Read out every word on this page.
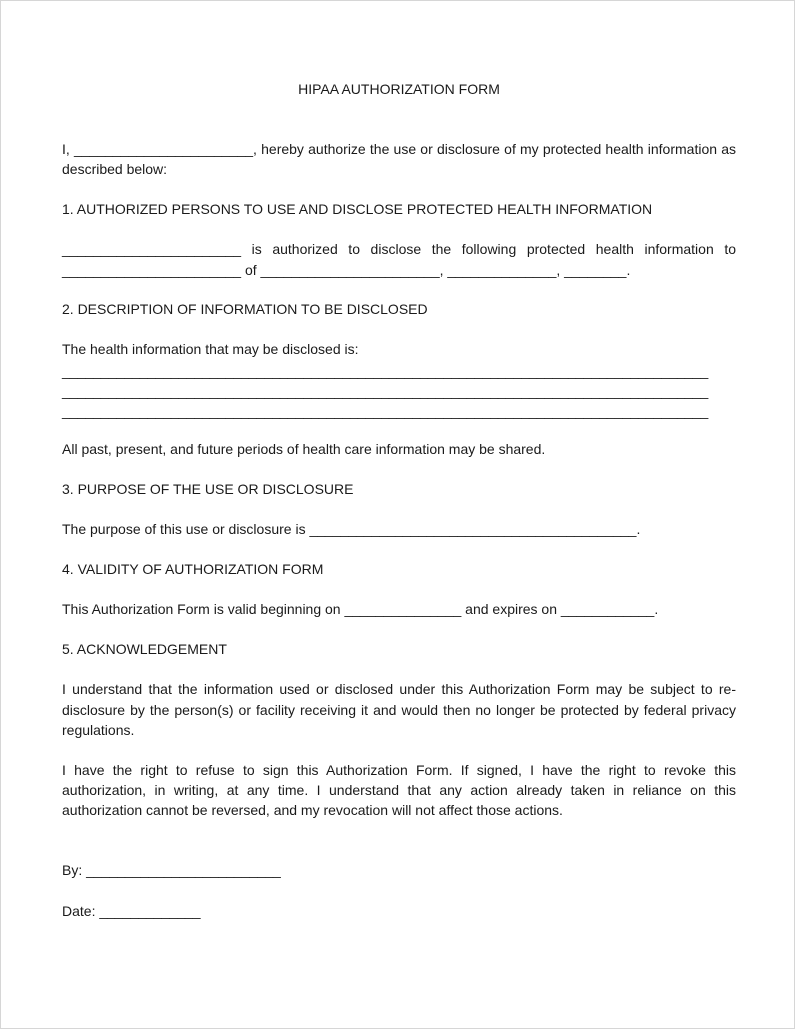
HIPAA AUTHORIZATION FORM
I, _______________________, hereby authorize the use or disclosure of my protected health information as
described below:
1. AUTHORIZED PERSONS TO USE AND DISCLOSE PROTECTED HEALTH INFORMATION
_______________________ is authorized to disclose the following protected health information to
_______________________ of _______________________, ______________, ________.
2. DESCRIPTION OF INFORMATION TO BE DISCLOSED
The health information that may be disclosed is:
___________________________________________________________________________________
___________________________________________________________________________________
___________________________________________________________________________________
All past, present, and future periods of health care information may be shared.
3. PURPOSE OF THE USE OR DISCLOSURE
The purpose of this use or disclosure is __________________________________________.
4. VALIDITY OF AUTHORIZATION FORM
This Authorization Form is valid beginning on _______________ and expires on ____________.
5. ACKNOWLEDGEMENT
I understand that the information used or disclosed under this Authorization Form may be subject to re-
disclosure by the person(s) or facility receiving it and would then no longer be protected by federal privacy
regulations.
I have the right to refuse to sign this Authorization Form. If signed, I have the right to revoke this
authorization, in writing, at any time. I understand that any action already taken in reliance on this
authorization cannot be reversed, and my revocation will not affect those actions.
By: _________________________
Date: _____________
